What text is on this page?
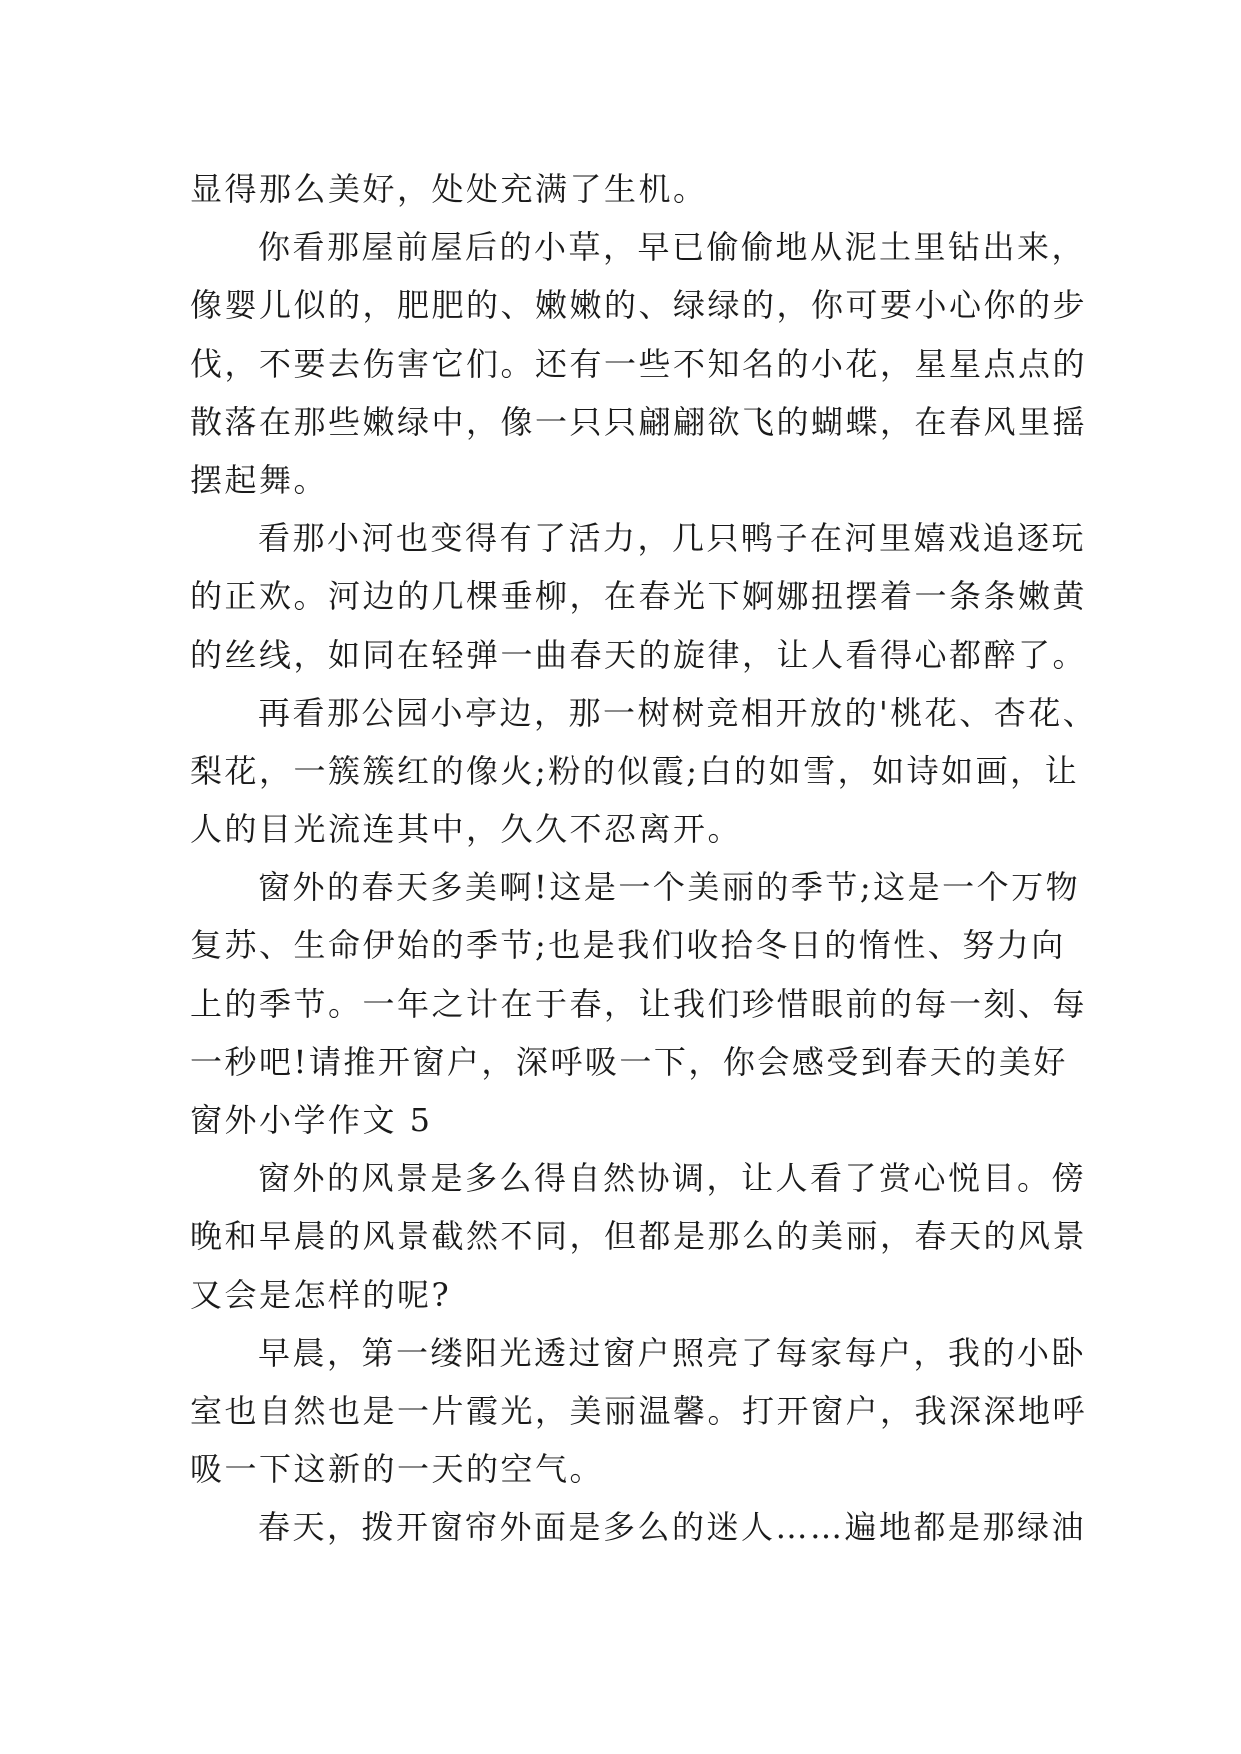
显得那么美好，处处充满了生机。
你看那屋前屋后的小草，早已偷偷地从泥土里钻出来，
像婴儿似的，肥肥的、嫩嫩的、绿绿的，你可要小心你的步
伐，不要去伤害它们。还有一些不知名的小花，星星点点的
散落在那些嫩绿中，像一只只翩翩欲飞的蝴蝶，在春风里摇
摆起舞。
看那小河也变得有了活力，几只鸭子在河里嬉戏追逐玩
的正欢。河边的几棵垂柳，在春光下婀娜扭摆着一条条嫩黄
的丝线，如同在轻弹一曲春天的旋律，让人看得心都醉了。
再看那公园小亭边，那一树树竞相开放的'桃花、杏花、
梨花，一簇簇红的像火;粉的似霞;白的如雪，如诗如画，让
人的目光流连其中，久久不忍离开。
窗外的春天多美啊!这是一个美丽的季节;这是一个万物
复苏、生命伊始的季节;也是我们收拾冬日的惰性、努力向
上的季节。一年之计在于春，让我们珍惜眼前的每一刻、每
一秒吧!请推开窗户，深呼吸一下，你会感受到春天的美好
窗外小学作文 5
窗外的风景是多么得自然协调，让人看了赏心悦目。傍
晚和早晨的风景截然不同，但都是那么的美丽，春天的风景
又会是怎样的呢?
早晨，第一缕阳光透过窗户照亮了每家每户，我的小卧
室也自然也是一片霞光，美丽温馨。打开窗户，我深深地呼
吸一下这新的一天的空气。
春天，拨开窗帘外面是多么的迷人……遍地都是那绿油
